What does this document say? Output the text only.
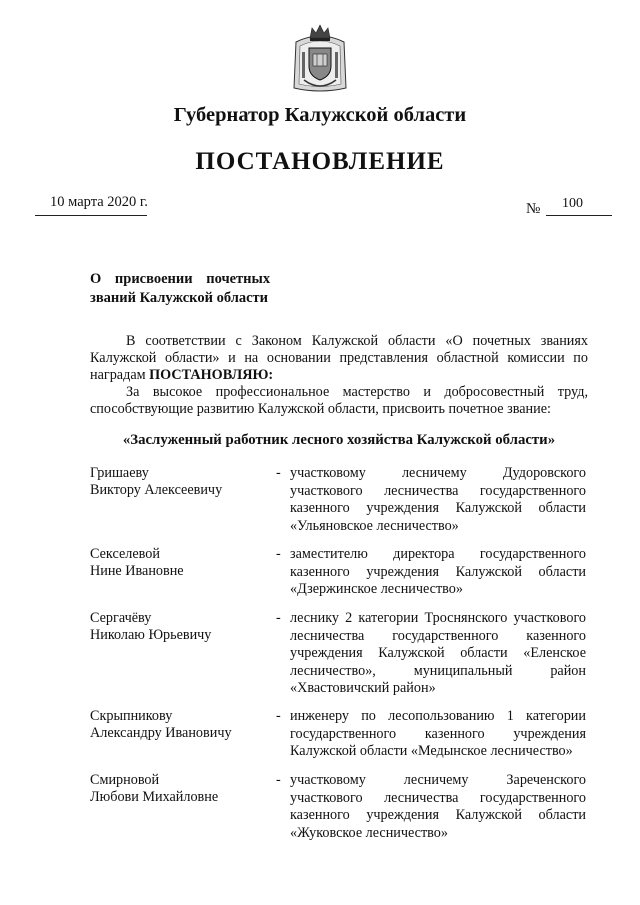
Губернатор Калужской области
ПОСТАНОВЛЕНИЕ
10 марта 2020 г.	№ 100
О присвоении почетных
званий Калужской области
В соответствии с Законом Калужской области «О почетных званиях Калужской области» и на основании представления областной комиссии по наградам ПОСТАНОВЛЯЮ:
За высокое профессиональное мастерство и добросовестный труд, способствующие развитию Калужской области, присвоить почетное звание:
«Заслуженный работник лесного хозяйства Калужской области»
Гришаеву
Виктору Алексеевичу
- участковому лесничему Дудоровского
участкового лесничества государственного
казенного учреждения Калужской области
«Ульяновское лесничество»
Секселевой
Нине Ивановне
- заместителю директора государственного
казенного учреждения Калужской области
«Дзержинское лесничество»
Сергачёву
Николаю Юрьевичу
- леснику 2 категории Троснянского участкового
лесничества государственного казенного
учреждения Калужской области «Еленское
лесничество», муниципальный район
«Хвастовичский район»
Скрыпникову
Александру Ивановичу
- инженеру по лесопользованию 1 категории
государственного казенного учреждения
Калужской области «Медынское лесничество»
Смирновой
Любови Михайловне
- участковому лесничему Зареченского
участкового лесничества государственного
казенного учреждения Калужской области
«Жуковское лесничество»
